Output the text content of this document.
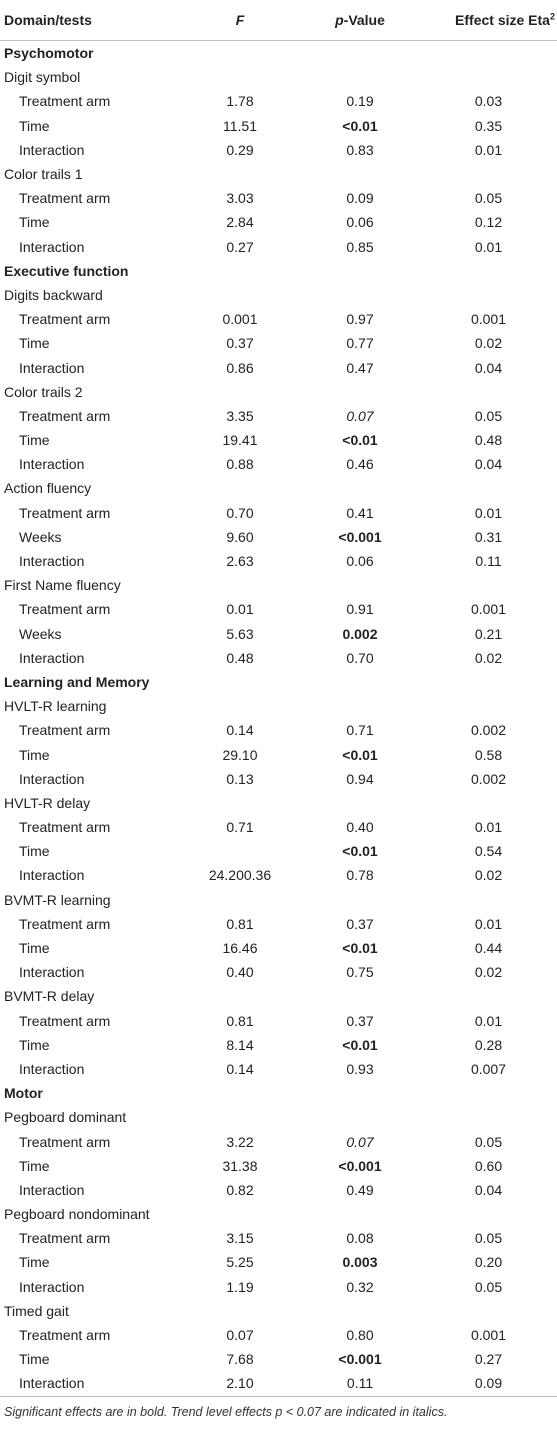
Domain/tests	F	p-Value	Effect size Eta$^2$
Psychomotor			
Digit symbol			
Treatment arm	1.78	0.19	0.03
Time	11.51	<0.01	0.35
Interaction	0.29	0.83	0.01
Color trails 1			
Treatment arm	3.03	0.09	0.05
Time	2.84	0.06	0.12
Interaction	0.27	0.85	0.01
Executive function			
Digits backward			
Treatment arm	0.001	0.97	0.001
Time	0.37	0.77	0.02
Interaction	0.86	0.47	0.04
Color trails 2			
Treatment arm	3.35	0.07	0.05
Time	19.41	<0.01	0.48
Interaction	0.88	0.46	0.04
Action fluency			
Treatment arm	0.70	0.41	0.01
Weeks	9.60	<0.001	0.31
Interaction	2.63	0.06	0.11
First Name fluency			
Treatment arm	0.01	0.91	0.001
Weeks	5.63	0.002	0.21
Interaction	0.48	0.70	0.02
Learning and Memory			
HVLT-R learning			
Treatment arm	0.14	0.71	0.002
Time	29.10	<0.01	0.58
Interaction	0.13	0.94	0.002
HVLT-R delay			
Treatment arm	0.71	0.40	0.01
Time		<0.01	0.54
Interaction	24.200.36	0.78	0.02
BVMT-R learning			
Treatment arm	0.81	0.37	0.01
Time	16.46	<0.01	0.44
Interaction	0.40	0.75	0.02
BVMT-R delay			
Treatment arm	0.81	0.37	0.01
Time	8.14	<0.01	0.28
Interaction	0.14	0.93	0.007
Motor			
Pegboard dominant			
Treatment arm	3.22	0.07	0.05
Time	31.38	<0.001	0.60
Interaction	0.82	0.49	0.04
Pegboard nondominant			
Treatment arm	3.15	0.08	0.05
Time	5.25	0.003	0.20
Interaction	1.19	0.32	0.05
Timed gait			
Treatment arm	0.07	0.80	0.001
Time	7.68	<0.001	0.27
Interaction	2.10	0.11	0.09
Significant effects are in bold. Trend level effects p < 0.07 are indicated in italics.
